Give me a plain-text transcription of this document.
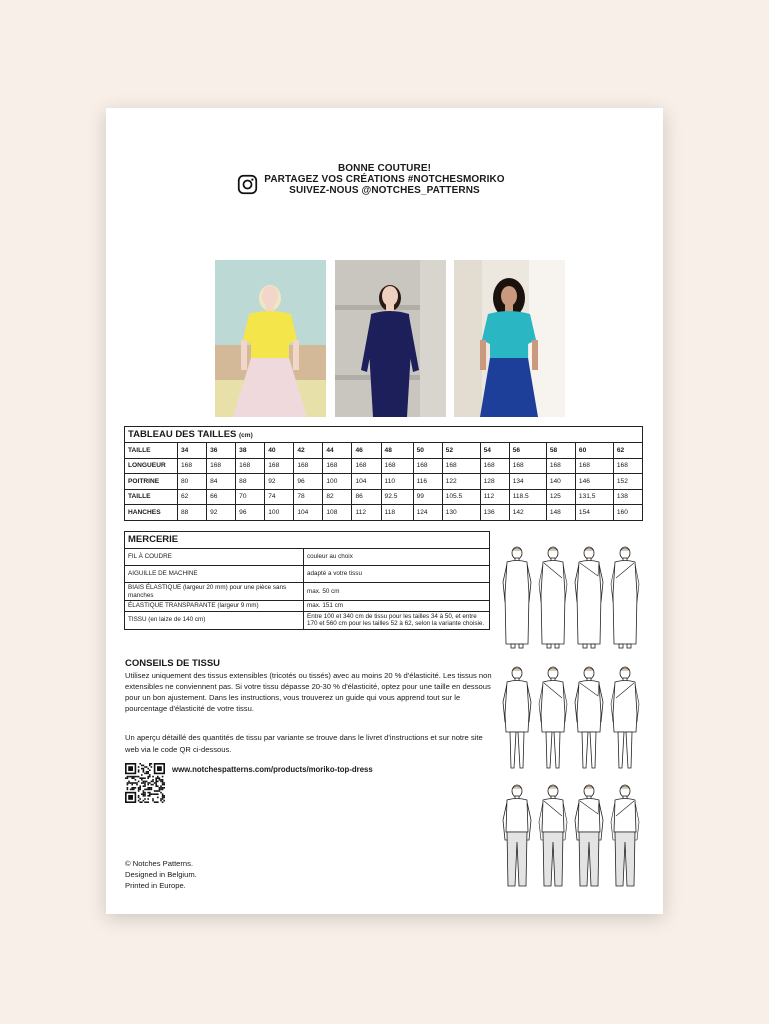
BONNE COUTURE!
PARTAGEZ VOS CRÉATIONS #NOTCHESMORIKO
SUIVEZ-NOUS @NOTCHES_PATTERNS
TABLEAU DES TAILLES (cm)															
TAILLE	34	36	38	40	42	44	46	48	50	52	54	56	58	60	62
LONGUEUR	168	168	168	168	168	168	168	168	168	168	168	168	168	168	168
POITRINE	80	84	88	92	96	100	104	110	116	122	128	134	140	146	152
TAILLE	62	66	70	74	78	82	86	92.5	99	105.5	112	118.5	125	131,5	138
HANCHES	88	92	96	100	104	108	112	118	124	130	136	142	148	154	160
MERCERIE	
FIL À COUDRE	couleur au choix
AIGUILLE DE MACHINE	adapté a votre tissu
BIAIS ÉLASTIQUE (largeur 20 mm) pour une pièce sans manches	max. 50 cm
ÉLASTIQUE TRANSPARANTE (largeur 9 mm)	max. 151 cm
TISSU (en laize de 140 cm)	Entre 100 et 340 cm de tissu pour les tailles 34 à 50, et entre 170 et 560 cm pour les tailles 52 à 62, selon la variante choisie.
CONSEILS DE TISSU

Utilisez uniquement des tissus extensibles (tricotés ou tissés) avec au moins 20 % d'élasticité. Les tissus non extensibles ne conviennent pas. Si votre tissu dépasse 20-30 % d'élasticité, optez pour une taille en dessous pour un bon ajustement. Dans les instructions, vous trouverez un guide qui vous apprend tout sur le pourcentage d'élasticité de votre tissu.

Un aperçu détaillé des quantités de tissu par variante se trouve dans le livret d'instructions et sur notre site web via le code QR ci-dessous.
www.notchespatterns.com/products/moriko-top-dress
© Notches Patterns.
Designed in Belgium.
Printed in Europe.
